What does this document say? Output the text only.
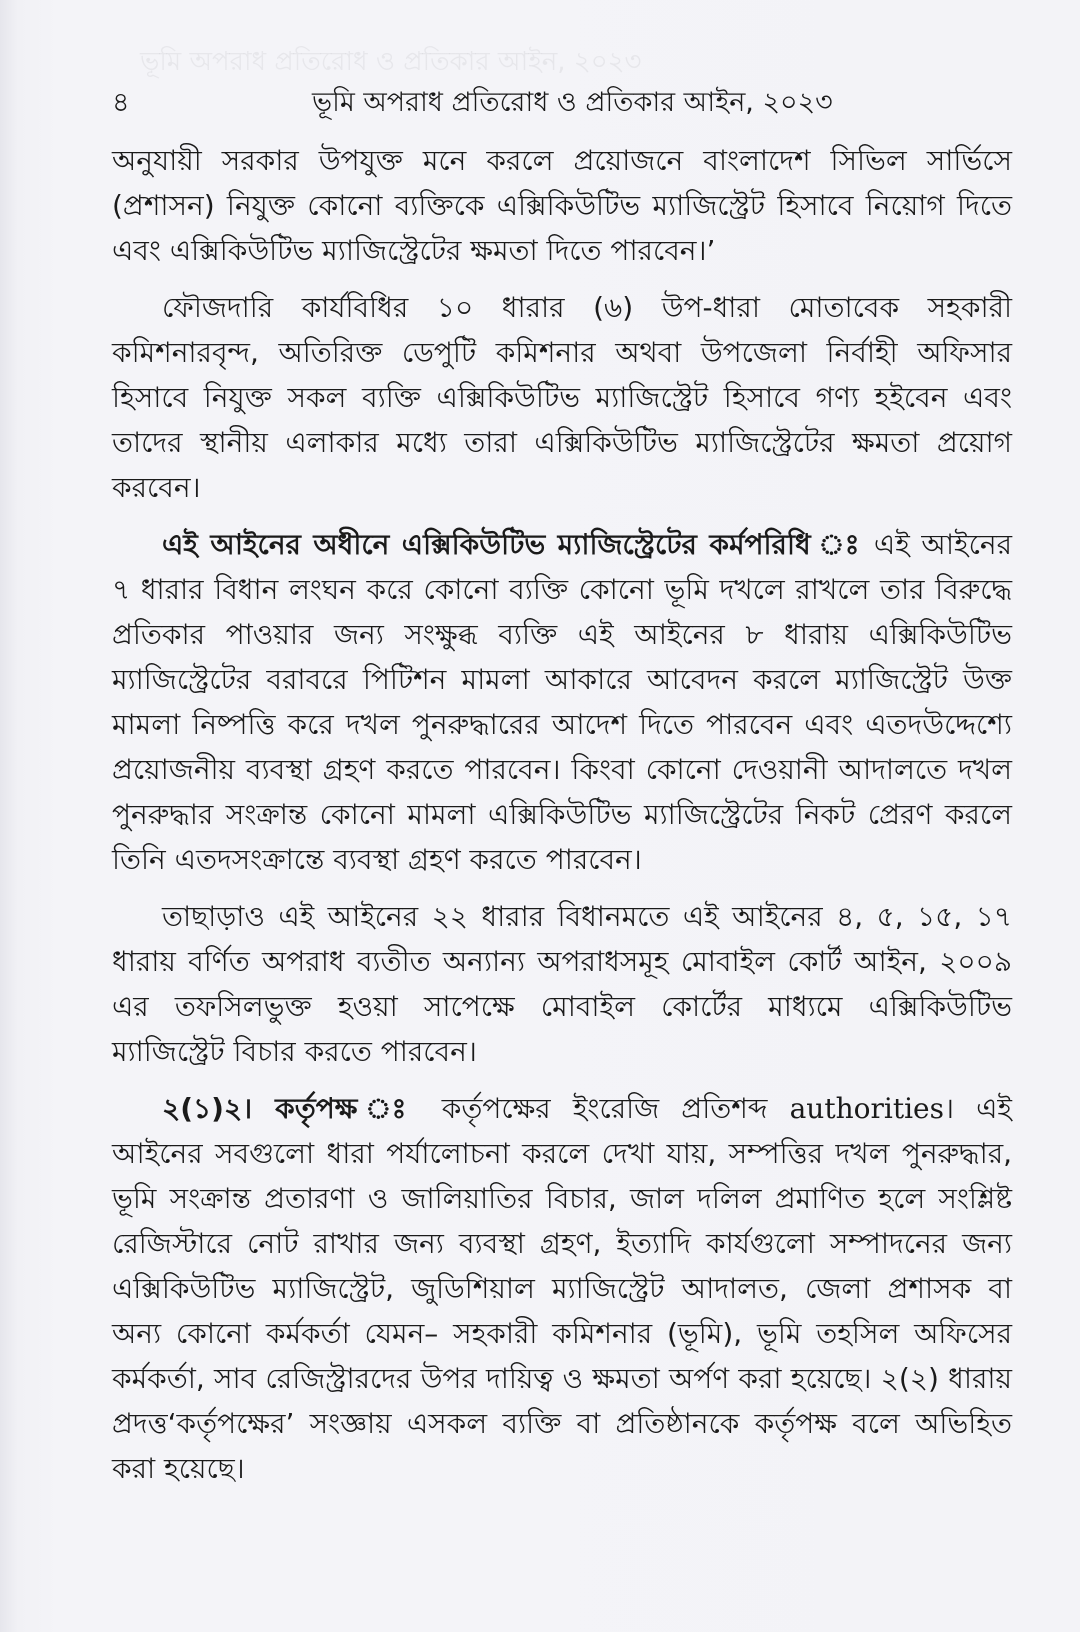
ভূমি অপরাধ প্রতিরোধ ও প্রতিকার আইন, ২০২৩
৪	ভূমি অপরাধ প্রতিরোধ ও প্রতিকার আইন, ২০২৩

অনুযায়ী সরকার উপযুক্ত মনে করলে প্রয়োজনে বাংলাদেশ সিভিল সার্ভিসে (প্রশাসন) নিযুক্ত কোনো ব্যক্তিকে এক্সিকিউটিভ ম্যাজিস্ট্রেট হিসাবে নিয়োগ দিতে এবং এক্সিকিউটিভ ম্যাজিস্ট্রেটের ক্ষমতা দিতে পারবেন।’

ফৌজদারি কার্যবিধির ১০ ধারার (৬) উপ-ধারা মোতাবেক সহকারী কমিশনারবৃন্দ, অতিরিক্ত ডেপুটি কমিশনার অথবা উপজেলা নির্বাহী অফিসার হিসাবে নিযুক্ত সকল ব্যক্তি এক্সিকিউটিভ ম্যাজিস্ট্রেট হিসাবে গণ্য হইবেন এবং তাদের স্থানীয় এলাকার মধ্যে তারা এক্সিকিউটিভ ম্যাজিস্ট্রেটের ক্ষমতা প্রয়োগ করবেন।

এই আইনের অধীনে এক্সিকিউটিভ ম্যাজিস্ট্রেটের কর্মপরিধি ঃ এই আইনের ৭ ধারার বিধান লংঘন করে কোনো ব্যক্তি কোনো ভূমি দখলে রাখলে তার বিরুদ্ধে প্রতিকার পাওয়ার জন্য সংক্ষুব্ধ ব্যক্তি এই আইনের ৮ ধারায় এক্সিকিউটিভ ম্যাজিস্ট্রেটের বরাবরে পিটিশন মামলা আকারে আবেদন করলে ম্যাজিস্ট্রেট উক্ত মামলা নিষ্পত্তি করে দখল পুনরুদ্ধারের আদেশ দিতে পারবেন এবং এতদউদ্দেশ্যে প্রয়োজনীয় ব্যবস্থা গ্রহণ করতে পারবেন। কিংবা কোনো দেওয়ানী আদালতে দখল পুনরুদ্ধার সংক্রান্ত কোনো মামলা এক্সিকিউটিভ ম্যাজিস্ট্রেটের নিকট প্রেরণ করলে তিনি এতদসংক্রান্তে ব্যবস্থা গ্রহণ করতে পারবেন।

তাছাড়াও এই আইনের ২২ ধারার বিধানমতে এই আইনের ৪, ৫, ১৫, ১৭ ধারায় বর্ণিত অপরাধ ব্যতীত অন্যান্য অপরাধসমূহ মোবাইল কোর্ট আইন, ২০০৯ এর তফসিলভুক্ত হওয়া সাপেক্ষে মোবাইল কোর্টের মাধ্যমে এক্সিকিউটিভ ম্যাজিস্ট্রেট বিচার করতে পারবেন।

২(১)২। কর্তৃপক্ষ ঃ কর্তৃপক্ষের ইংরেজি প্রতিশব্দ authorities। এই আইনের সবগুলো ধারা পর্যালোচনা করলে দেখা যায়, সম্পত্তির দখল পুনরুদ্ধার, ভূমি সংক্রান্ত প্রতারণা ও জালিয়াতির বিচার, জাল দলিল প্রমাণিত হলে সংশ্লিষ্ট রেজিস্টারে নোট রাখার জন্য ব্যবস্থা গ্রহণ, ইত্যাদি কার্যগুলো সম্পাদনের জন্য এক্সিকিউটিভ ম্যাজিস্ট্রেট, জুডিশিয়াল ম্যাজিস্ট্রেট আদালত, জেলা প্রশাসক বা অন্য কোনো কর্মকর্তা যেমন– সহকারী কমিশনার (ভূমি), ভূমি তহসিল অফিসের কর্মকর্তা, সাব রেজিস্ট্রারদের উপর দায়িত্ব ও ক্ষমতা অর্পণ করা হয়েছে। ২(২) ধারায় প্রদত্ত‘কর্তৃপক্ষের’ সংজ্ঞায় এসকল ব্যক্তি বা প্রতিষ্ঠানকে কর্তৃপক্ষ বলে অভিহিত করা হয়েছে।
